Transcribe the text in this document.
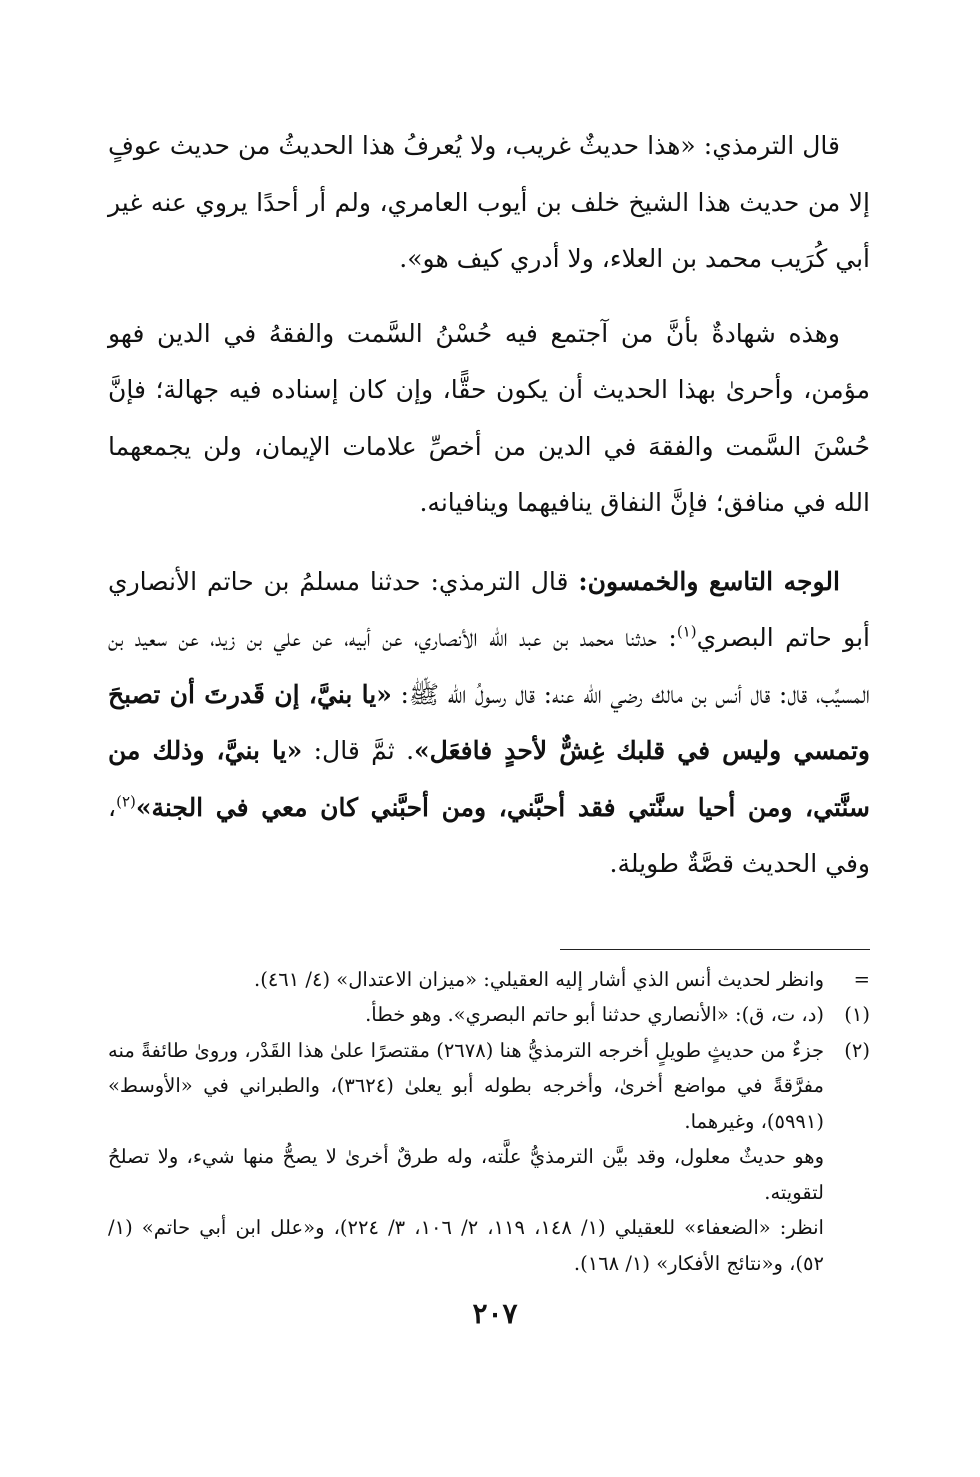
قال الترمذي: «هذا حديثٌ غريب، ولا يُعرفُ هذا الحديثُ من حديث عوفٍ إلا من حديث هذا الشيخ خلف بن أيوب العامري، ولم أر أحدًا يروي عنه غير أبي كُرَيب محمد بن العلاء، ولا أدري كيف هو».

وهذه شهادةٌ بأنَّ من آجتمع فيه حُسْنُ السَّمت والفقهُ في الدين فهو مؤمن، وأحرىٰ بهذا الحديث أن يكون حقًّا، وإن كان إسناده فيه جهالة؛ فإنَّ حُسْنَ السَّمت والفقهَ في الدين من أخصِّ علامات الإيمان، ولن يجمعهما الله في منافق؛ فإنَّ النفاق ينافيهما وينافيانه.

الوجه التاسع والخمسون: قال الترمذي: حدثنا مسلمُ بن حاتم الأنصاري أبو حاتم البصري$^{(١)}$: حدثنا محمد بن عبد الله الأنصاري، عن أبيه، عن علي بن زيد، عن سعيد بن المسيِّب، قال: قال أنس بن مالك رضي الله عنه: قال رسولُ الله ﷺ: «يا بنيَّ، إن قَدرتَ أن تصبحَ وتمسي وليس في قلبك غِشٌّ لأحدٍ فافعَل». ثمَّ قال: «يا بنيَّ، وذلك من سنَّتي، ومن أحيا سنَّتي فقد أحبَّني، ومن أحبَّني كان معي في الجنة»$^{(٢)}$، وفي الحديث قصَّةٌ طويلة.

=
وانظر لحديث أنس الذي أشار إليه العقيلي: «ميزان الاعتدال» (٤/ ٤٦١).
(١)
(د، ت، ق): «الأنصاري حدثنا أبو حاتم البصري». وهو خطأ.
(٢)
جزءٌ من حديثٍ طويلٍ أخرجه الترمذيُّ هنا (٢٦٧٨) مقتصرًا علىٰ هذا القَدْر، وروىٰ طائفةً منه مفرَّقةً في مواضع أخرىٰ، وأخرجه بطوله أبو يعلىٰ (٣٦٢٤)، والطبراني في «الأوسط» (٥٩٩١)، وغيرهما.
وهو حديثٌ معلول، وقد بيَّن الترمذيُّ علَّته، وله طرقٌ أخرىٰ لا يصحُّ منها شيء، ولا تصلحُ لتقويته.
انظر: «الضعفاء» للعقيلي (١/ ١٤٨، ١١٩، ٢/ ١٠٦، ٣/ ٢٢٤)، و«علل ابن أبي حاتم» (١/ ٥٢)، و«نتائج الأفكار» (١/ ١٦٨).
٢٠٧
